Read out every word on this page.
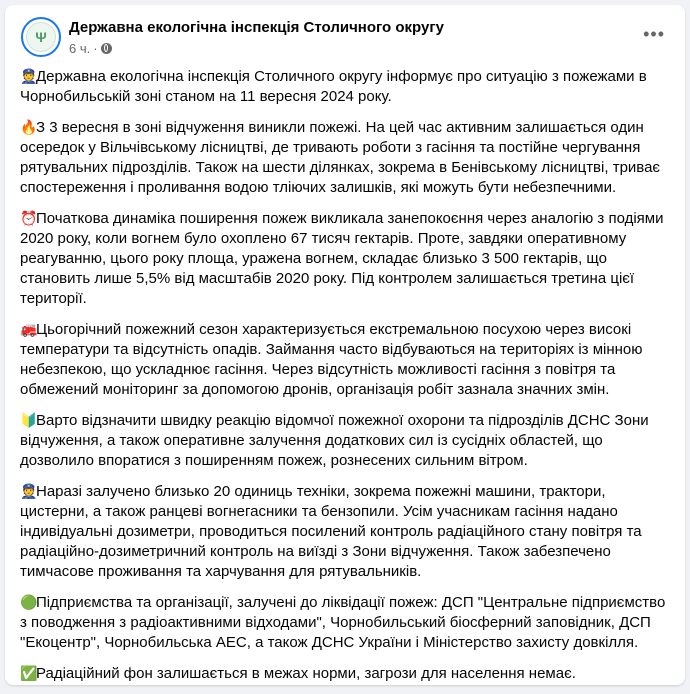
Ψ
Державна екологічна інспекція Столичного округу
6 ч. ·
•••

👮Державна екологічна інспекція Столичного округу інформує про ситуацію з пожежами в Чорнобильській зоні станом на 11 вересня 2024 року.

🔥З 3 вересня в зоні відчуження виникли пожежі. На цей час активним залишається один осередок у Вільчівському лісництві, де тривають роботи з гасіння та постійне чергування рятувальних підрозділів. Також на шести ділянках, зокрема в Бенівському лісництві, триває спостереження і проливання водою тліючих залишків, які можуть бути небезпечними.

⏰Початкова динаміка поширення пожеж викликала занепокоєння через аналогію з подіями 2020 року, коли вогнем було охоплено 67 тисяч гектарів. Проте, завдяки оперативному реагуванню, цього року площа, уражена вогнем, складає близько 3 500 гектарів, що становить лише 5,5% від масштабів 2020 року. Під контролем залишається третина цієї території.

🚒Цьогорічний пожежний сезон характеризується екстремальною посухою через високі температури та відсутність опадів. Займання часто відбуваються на територіях із мінною небезпекою, що ускладнює гасіння. Через відсутність можливості гасіння з повітря та обмежений моніторинг за допомогою дронів, організація робіт зазнала значних змін.

🔰Варто відзначити швидку реакцію відомчої пожежної охорони та підрозділів ДСНС Зони відчуження, а також оперативне залучення додаткових сил із сусідніх областей, що дозволило впоратися з поширенням пожеж, рознесених сильним вітром.

👮Наразі залучено близько 20 одиниць техніки, зокрема пожежні машини, трактори, цистерни, а також ранцеві вогнегасники та бензопили. Усім учасникам гасіння надано індивідуальні дозиметри, проводиться посилений контроль радіаційного стану повітря та радіаційно-дозиметричний контроль на виїзді з Зони відчуження. Також забезпечено тимчасове проживання та харчування для рятувальників.

🟢Підприємства та організації, залучені до ліквідації пожеж: ДСП "Центральне підприємство з поводження з радіоактивними відходами", Чорнобильський біосферний заповідник, ДСП "Екоцентр", Чорнобильська АЕС, а також ДСНС України і Міністерство захисту довкілля.

✅Радіаційний фон залишається в межах норми, загрози для населення немає.
